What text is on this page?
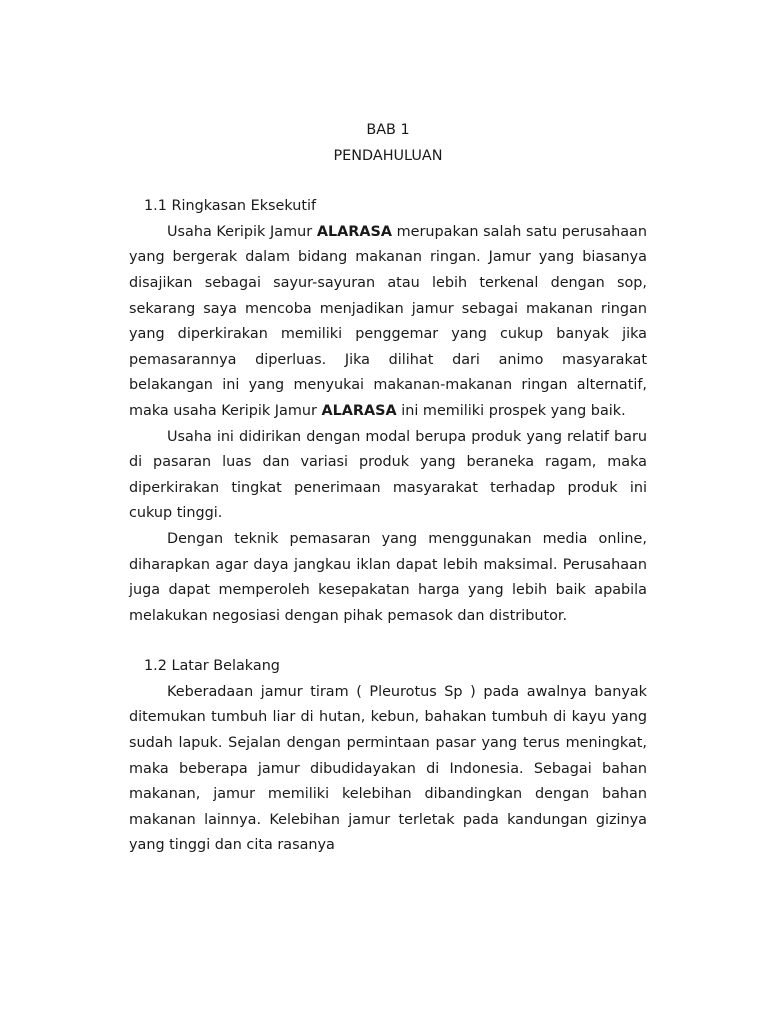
BAB 1

PENDAHULUAN

1.1 Ringkasan Eksekutif

Usaha Keripik Jamur ALARASA merupakan salah satu perusahaan yang bergerak dalam bidang makanan ringan. Jamur yang biasanya disajikan sebagai sayur-sayuran atau lebih terkenal dengan sop, sekarang saya mencoba menjadikan jamur sebagai makanan ringan yang diperkirakan memiliki penggemar yang cukup banyak jika pemasarannya diperluas. Jika dilihat dari animo masyarakat belakangan ini yang menyukai makanan-makanan ringan alternatif, maka usaha Keripik Jamur ALARASA ini memiliki prospek yang baik.

Usaha ini didirikan dengan modal berupa produk yang relatif baru di pasaran luas dan variasi produk yang beraneka ragam, maka diperkirakan tingkat penerimaan masyarakat terhadap produk ini cukup tinggi.

Dengan teknik pemasaran yang menggunakan media online, diharapkan agar daya jangkau iklan dapat lebih maksimal. Perusahaan juga dapat memperoleh kesepakatan harga yang lebih baik apabila melakukan negosiasi dengan pihak pemasok dan distributor.

1.2 Latar Belakang

Keberadaan jamur tiram ( Pleurotus Sp ) pada awalnya banyak ditemukan tumbuh liar di hutan, kebun, bahakan tumbuh di kayu yang sudah lapuk. Sejalan dengan permintaan pasar yang terus meningkat, maka beberapa jamur dibudidayakan di Indonesia. Sebagai bahan makanan, jamur memiliki kelebihan dibandingkan dengan bahan makanan lainnya. Kelebihan jamur terletak pada kandungan gizinya yang tinggi dan cita rasanya
